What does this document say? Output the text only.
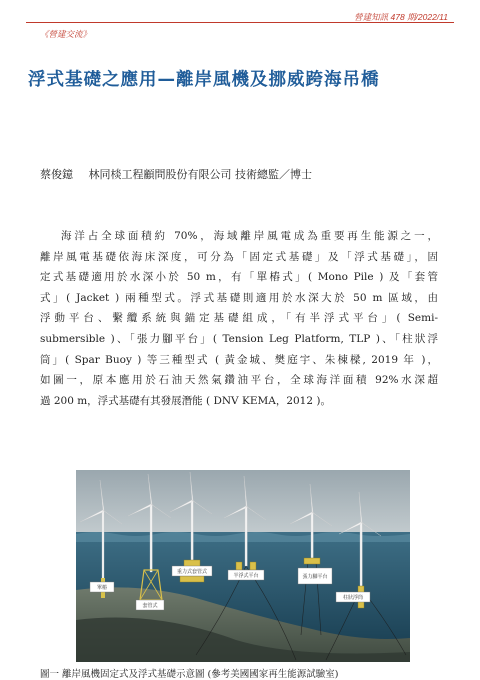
營建知訊 478 期/2022/11
《營建交流》
浮式基礎之應用—離岸風機及挪威跨海吊橋
蔡俊鐿 林同棪工程顧問股份有限公司 技術總監／博士
海洋占全球面積約 70%，海域離岸風電成為重要再生能源之一，
離岸風電基礎依海床深度，可分為「固定式基礎」及「浮式基礎」，固
定式基礎適用於水深小於 50 m，有「單樁式」( Mono Pile ) 及「套管
式」( Jacket ) 兩種型式。浮式基礎則適用於水深大於 50 m 區域，由
浮動平台、繫纜系統與錨定基礎組成，「有半浮式平台」( Semi-
submersible )、「張力腳平台」( Tension Leg Platform, TLP )、「柱狀浮
筒」( Spar Buoy ) 等三種型式 ( 黃金城、樊庭宇、朱棟樑, 2019 年 )，
如圖一，原本應用於石油天然氣鑽油平台，全球海洋面積 92%水深超
過 200 m，浮式基礎有其發展潛能 ( DNV KEMA，2012 )。
單樁
套管式
重力式套管式
半浮式平台	張力腳平台
柱狀浮筒
圖一 離岸風機固定式及浮式基礎示意圖 (參考美國國家再生能源試驗室)
